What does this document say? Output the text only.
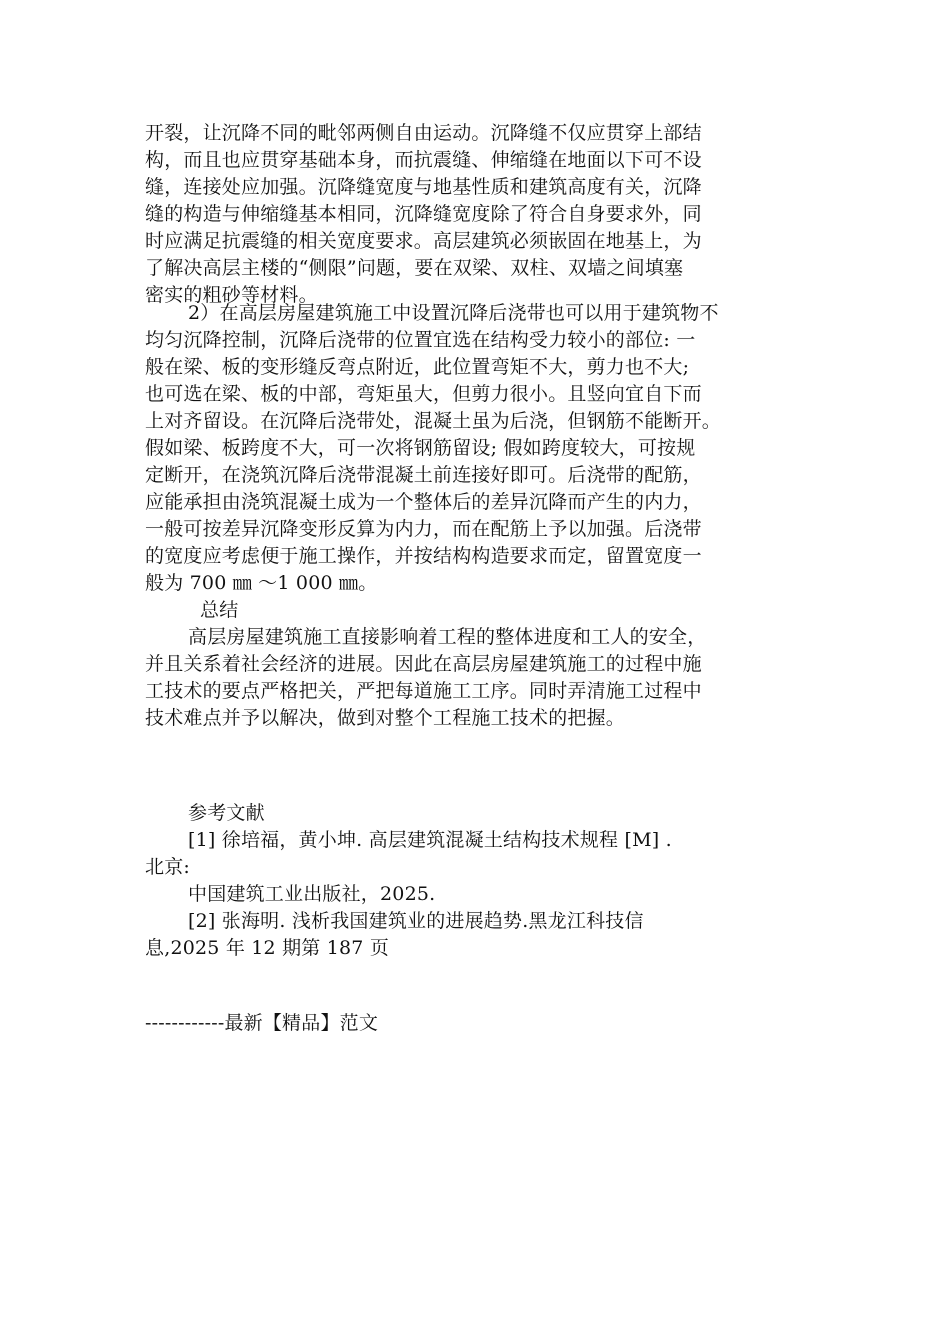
开裂，让沉降不同的毗邻两侧自由运动。沉降缝不仅应贯穿上部结
构，而且也应贯穿基础本身，而抗震缝、伸缩缝在地面以下可不设
缝，连接处应加强。沉降缝宽度与地基性质和建筑高度有关，沉降
缝的构造与伸缩缝基本相同，沉降缝宽度除了符合自身要求外，同
时应满足抗震缝的相关宽度要求。高层建筑必须嵌固在地基上，为
了解决高层主楼的“侧限”问题，要在双梁、双柱、双墙之间填塞
密实的粗砂等材料。
2）在高层房屋建筑施工中设置沉降后浇带也可以用于建筑物不
均匀沉降控制，沉降后浇带的位置宜选在结构受力较小的部位: 一
般在梁、板的变形缝反弯点附近，此位置弯矩不大，剪力也不大;
也可选在梁、板的中部，弯矩虽大，但剪力很小。且竖向宜自下而
上对齐留设。在沉降后浇带处，混凝土虽为后浇，但钢筋不能断开。
假如梁、板跨度不大，可一次将钢筋留设; 假如跨度较大，可按规
定断开，在浇筑沉降后浇带混凝土前连接好即可。后浇带的配筋，
应能承担由浇筑混凝土成为一个整体后的差异沉降而产生的内力，
一般可按差异沉降变形反算为内力，而在配筋上予以加强。后浇带
的宽度应考虑便于施工操作，并按结构构造要求而定，留置宽度一
般为 700 ㎜ ～1 000 ㎜。
总结
高层房屋建筑施工直接影响着工程的整体进度和工人的安全，
并且关系着社会经济的进展。因此在高层房屋建筑施工的过程中施
工技术的要点严格把关，严把每道施工工序。同时弄清施工过程中
技术难点并予以解决，做到对整个工程施工技术的把握。
参考文献
[1] 徐培福，黄小坤. 高层建筑混凝土结构技术规程 [M] .
北京:
中国建筑工业出版社，2025.
[2] 张海明. 浅析我国建筑业的进展趋势.黑龙江科技信
息,2025 年 12 期第 187 页
------------最新【精品】范文
